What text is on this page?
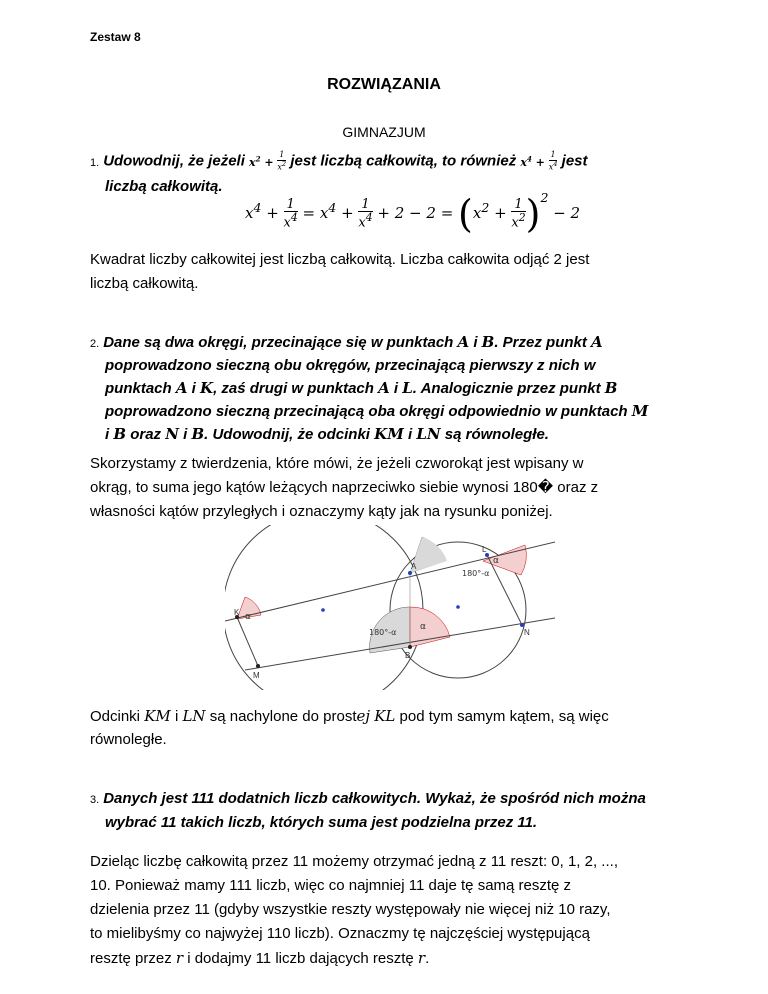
Zestaw 8
ROZWIĄZANIA
GIMNAZJUM
1. Udowodnij, że jeżeli $x^2 + \frac{1}{x^2}$ jest liczbą całkowitą, to również $x^4 + \frac{1}{x^4}$ jest
liczbą całkowitą.
$x^4 + \frac{1}{x^4} = x^4 + \frac{1}{x^4} + 2 - 2 = (x^2 + \frac{1}{x^2} )^2 - 2$
Kwadrat liczby całkowitej jest liczbą całkowitą. Liczba całkowita odjąć 2 jest
liczbą całkowitą.
2. Dane są dwa okręgi, przecinające się w punktach A i B. Przez punkt A
poprowadzono sieczną obu okręgów, przecinającą pierwszy z nich w
punktach A i K, zaś drugi w punktach A i L. Analogicznie przez punkt B
poprowadzono sieczną przecinającą oba okręgi odpowiednio w punktach M
i B oraz N i B. Udowodnij, że odcinki KM i LN są równoległe.
Skorzystamy z twierdzenia, które mówi, że jeżeli czworokąt jest wpisany w
okrąg, to suma jego kątów leżących naprzeciwko siebie wynosi 180� oraz z
własności kątów przyległych i oznaczymy kąty jak na rysunku poniżej.
A
B
K
L
M
N
α
α
α
180°-α
180°-α
Odcinki KM i LN są nachylone do prostej KL pod tym samym kątem, są więc
równoległe.
3. Danych jest 111 dodatnich liczb całkowitych. Wykaż, że spośród nich można
wybrać 11 takich liczb, których suma jest podzielna przez 11.
Dzieląc liczbę całkowitą przez 11 możemy otrzymać jedną z 11 reszt: 0, 1, 2, ...,
10. Ponieważ mamy 111 liczb, więc co najmniej 11 daje tę samą resztę z
dzielenia przez 11 (gdyby wszystkie reszty występowały nie więcej niż 10 razy,
to mielibyśmy co najwyżej 110 liczb). Oznaczmy tę najczęściej występującą
resztę przez r i dodajmy 11 liczb dających resztę r.
